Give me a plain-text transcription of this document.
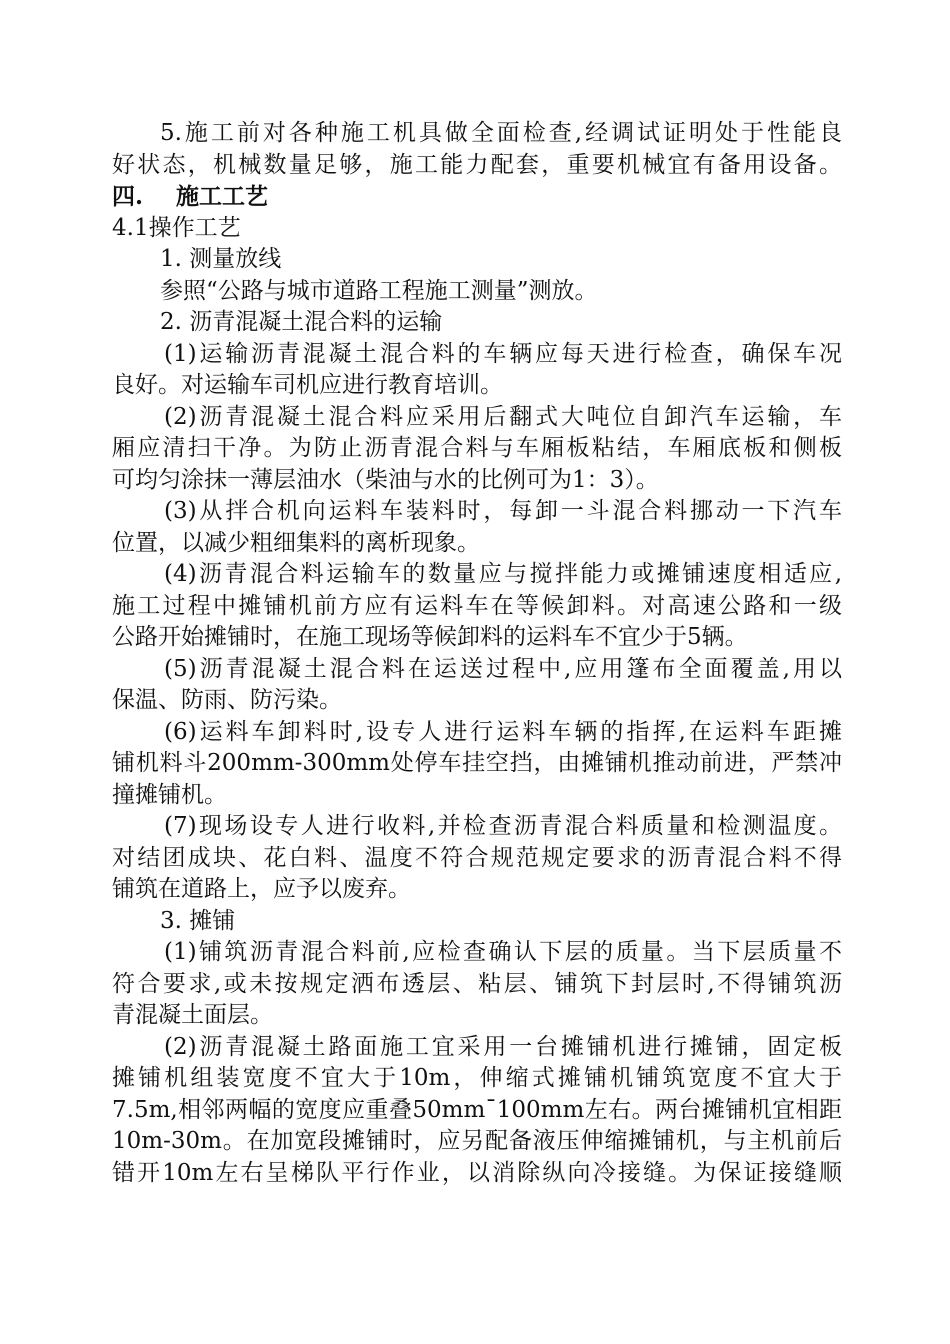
5.施工前对各种施工机具做全面检查,经调试证明处于性能良
好状态，机械数量足够，施工能力配套，重要机械宜有备用设备。
四. 施工工艺
4.1操作工艺
1. 测量放线
参照“公路与城市道路工程施工测量”测放。
2. 沥青混凝土混合料的运输
(1)运输沥青混凝土混合料的车辆应每天进行检查，确保车况
良好。对运输车司机应进行教育培训。
(2)沥青混凝土混合料应采用后翻式大吨位自卸汽车运输，车
厢应清扫干净。为防止沥青混合料与车厢板粘结，车厢底板和侧板
可均匀涂抹一薄层油水（柴油与水的比例可为1：3）。
(3)从拌合机向运料车装料时，每卸一斗混合料挪动一下汽车
位置，以减少粗细集料的离析现象。
(4)沥青混合料运输车的数量应与搅拌能力或摊铺速度相适应,
施工过程中摊铺机前方应有运料车在等候卸料。对高速公路和一级
公路开始摊铺时，在施工现场等候卸料的运料车不宜少于5辆。
(5)沥青混凝土混合料在运送过程中,应用篷布全面覆盖,用以
保温、防雨、防污染。
(6)运料车卸料时,设专人进行运料车辆的指挥,在运料车距摊
铺机料斗200mm-300mm处停车挂空挡，由摊铺机推动前进，严禁冲
撞摊铺机。
(7)现场设专人进行收料,并检查沥青混合料质量和检测温度。
对结团成块、花白料、温度不符合规范规定要求的沥青混合料不得
铺筑在道路上，应予以废弃。
3. 摊铺
(1)铺筑沥青混合料前,应检查确认下层的质量。当下层质量不
符合要求,或未按规定洒布透层、粘层、铺筑下封层时,不得铺筑沥
青混凝土面层。
(2)沥青混凝土路面施工宜采用一台摊铺机进行摊铺，固定板
摊铺机组装宽度不宜大于10m，伸缩式摊铺机铺筑宽度不宜大于
7.5m,相邻两幅的宽度应重叠50mm¯100mm左右。两台摊铺机宜相距
10m-30m。在加宽段摊铺时，应另配备液压伸缩摊铺机，与主机前后
错开10m左右呈梯队平行作业，以消除纵向冷接缝。为保证接缝顺
